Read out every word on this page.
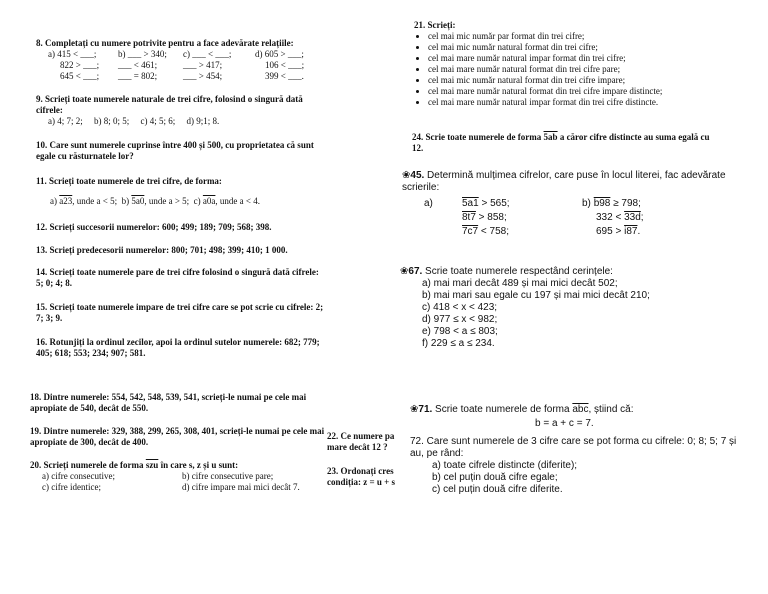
8. Completați cu numere potrivite pentru a face adevărate relațiile:
a) 415 < ___;	b) ___ > 340;	c) ___ < ___;	d) 605 > ___;
822 > ___;	___ < 461;	___ > 417;	106 < ___;
645 < ___;	___ = 802;	___ > 454;	399 < ___.
9. Scrieți toate numerele naturale de trei cifre, folosind o singură dată cifrele:
a) 4; 7; 2;     b) 8; 0; 5;     c) 4; 5; 6;     d) 9;1; 8.
10. Care sunt numerele cuprinse între 400 și 500, cu proprietatea că sunt egale cu răsturnatele lor?
11. Scrieți toate numerele de trei cifre, de forma:
a) a23, unde a < 5; b) 5a0, unde a > 5; c) a0a, unde a < 4.
12. Scrieți succesorii numerelor: 600; 499; 189; 709; 568; 398.
13. Scrieți predecesorii numerelor: 800; 701; 498; 399; 410; 1 000.
14. Scrieți toate numerele pare de trei cifre folosind o singură dată cifrele: 5; 0; 4; 8.
15. Scrieți toate numerele impare de trei cifre care se pot scrie cu cifrele: 2; 7; 3; 9.
16. Rotunjiți la ordinul zecilor, apoi la ordinul sutelor numerele: 682; 779; 405; 618; 553; 234; 907; 581.
18. Dintre numerele: 554, 542, 548, 539, 541, scrieți-le numai pe cele mai apropiate de 540, decât de 550.
19. Dintre numerele: 329, 388, 299, 265, 308, 401, scrieți-le numai pe cele mai apropiate de 300, decât de 400.
20. Scrieți numerele de forma $\overline{szu}$ în care s, z și u sunt:
a) cifre consecutive;	b) cifre consecutive pare;
c) cifre identice;	d) cifre impare mai mici decât 7.
22. Ce numere pa
mare decât 12 ?
23. Ordonați cres
condiția: z = u + s
21. Scrieți:
• cel mai mic număr par format din trei cifre;
• cel mai mic număr natural format din trei cifre;
• cel mai mare număr natural impar format din trei cifre;
• cel mai mare număr natural format din trei cifre pare;
• cel mai mic număr natural format din trei cifre impare;
• cel mai mare număr natural format din trei cifre impare distincte;
• cel mai mare număr natural impar format din trei cifre distincte.
24. Scrie toate numerele de forma 5ab a căror cifre distincte au suma egală cu 12.
❀45. Determină mulțimea cifrelor, care puse în locul literei, fac adevărate scrierile:
a)	5a1 > 565;	b) b98 ≥ 798;
8t7 > 858;	332 < 33d;
7c7 < 758;	695 > i87.
❀67. Scrie toate numerele respectând cerințele:
a) mai mari decât 489 și mai mici decât 502;
b) mai mari sau egale cu 197 și mai mici decât 210;
c) 418 < x < 423;
d) 977 ≤ x < 982;
e) 798 < a ≤ 803;
f) 229 ≤ a ≤ 234.
❀71. Scrie toate numerele de forma $\overline{abc}$, știind că:
b = a + c = 7.
72. Care sunt numerele de 3 cifre care se pot forma cu cifrele: 0; 8; 5; 7 și au, pe rând:
a) toate cifrele distincte (diferite);
b) cel puțin două cifre egale;
c) cel puțin două cifre diferite.
